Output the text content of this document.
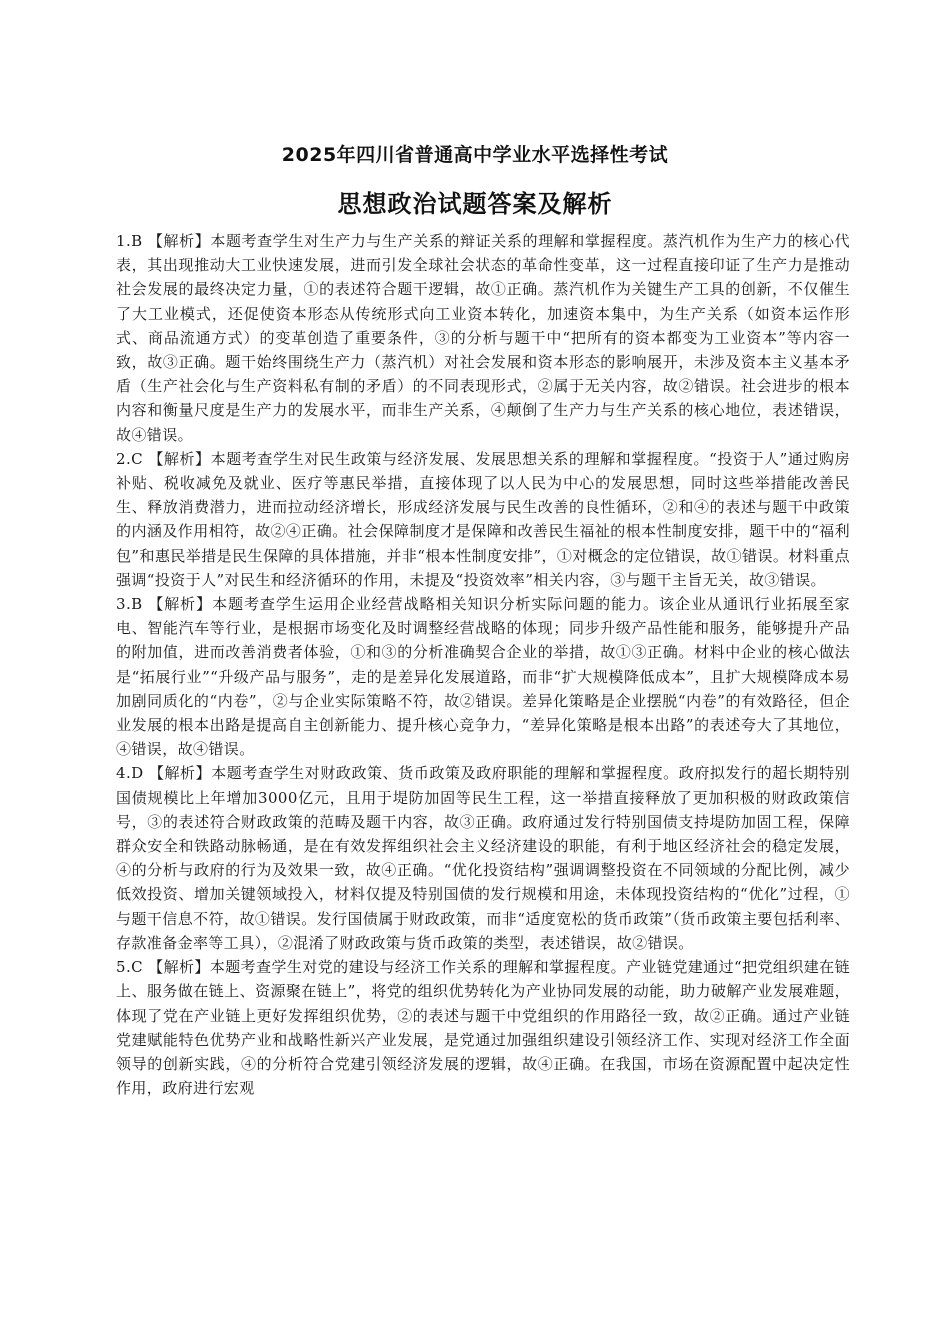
2025年四川省普通高中学业水平选择性考试
思想政治试题答案及解析

1.B 【解析】本题考查学生对生产力与生产关系的辩证关系的理解和掌握程度。蒸汽机作为生产力的核心代表，其出现推动大工业快速发展，进而引发全球社会状态的革命性变革，这一过程直接印证了生产力是推动社会发展的最终决定力量，①的表述符合题干逻辑，故①正确。蒸汽机作为关键生产工具的创新，不仅催生了大工业模式，还促使资本形态从传统形式向工业资本转化，加速资本集中，为生产关系（如资本运作形式、商品流通方式）的变革创造了重要条件，③的分析与题干中“把所有的资本都变为工业资本”等内容一致，故③正确。题干始终围绕生产力（蒸汽机）对社会发展和资本形态的影响展开，未涉及资本主义基本矛盾（生产社会化与生产资料私有制的矛盾）的不同表现形式，②属于无关内容，故②错误。社会进步的根本内容和衡量尺度是生产力的发展水平，而非生产关系，④颠倒了生产力与生产关系的核心地位，表述错误，故④错误。

2.C 【解析】本题考查学生对民生政策与经济发展、发展思想关系的理解和掌握程度。“投资于人”通过购房补贴、税收减免及就业、医疗等惠民举措，直接体现了以人民为中心的发展思想，同时这些举措能改善民生、释放消费潜力，进而拉动经济增长，形成经济发展与民生改善的良性循环，②和④的表述与题干中政策的内涵及作用相符，故②④正确。社会保障制度才是保障和改善民生福祉的根本性制度安排，题干中的“福利包”和惠民举措是民生保障的具体措施，并非“根本性制度安排”，①对概念的定位错误，故①错误。材料重点强调“投资于人”对民生和经济循环的作用，未提及“投资效率”相关内容，③与题干主旨无关，故③错误。

3.B 【解析】本题考查学生运用企业经营战略相关知识分析实际问题的能力。该企业从通讯行业拓展至家电、智能汽车等行业，是根据市场变化及时调整经营战略的体现；同步升级产品性能和服务，能够提升产品的附加值，进而改善消费者体验，①和③的分析准确契合企业的举措，故①③正确。材料中企业的核心做法是“拓展行业”“升级产品与服务”，走的是差异化发展道路，而非“扩大规模降低成本”，且扩大规模降成本易加剧同质化的“内卷”，②与企业实际策略不符，故②错误。差异化策略是企业摆脱“内卷”的有效路径，但企业发展的根本出路是提高自主创新能力、提升核心竞争力，“差异化策略是根本出路”的表述夸大了其地位，④错误，故④错误。

4.D 【解析】本题考查学生对财政政策、货币政策及政府职能的理解和掌握程度。政府拟发行的超长期特别国债规模比上年增加3000亿元，且用于堤防加固等民生工程，这一举措直接释放了更加积极的财政政策信号，③的表述符合财政政策的范畴及题干内容，故③正确。政府通过发行特别国债支持堤防加固工程，保障群众安全和铁路动脉畅通，是在有效发挥组织社会主义经济建设的职能，有利于地区经济社会的稳定发展，④的分析与政府的行为及效果一致，故④正确。“优化投资结构”强调调整投资在不同领域的分配比例，减少低效投资、增加关键领域投入，材料仅提及特别国债的发行规模和用途，未体现投资结构的“优化”过程，①与题干信息不符，故①错误。发行国债属于财政政策，而非“适度宽松的货币政策”（货币政策主要包括利率、存款准备金率等工具），②混淆了财政政策与货币政策的类型，表述错误，故②错误。

5.C 【解析】本题考查学生对党的建设与经济工作关系的理解和掌握程度。产业链党建通过“把党组织建在链上、服务做在链上、资源聚在链上”，将党的组织优势转化为产业协同发展的动能，助力破解产业发展难题，体现了党在产业链上更好发挥组织优势，②的表述与题干中党组织的作用路径一致，故②正确。通过产业链党建赋能特色优势产业和战略性新兴产业发展，是党通过加强组织建设引领经济工作、实现对经济工作全面领导的创新实践，④的分析符合党建引领经济发展的逻辑，故④正确。在我国，市场在资源配置中起决定性作用，政府进行宏观
